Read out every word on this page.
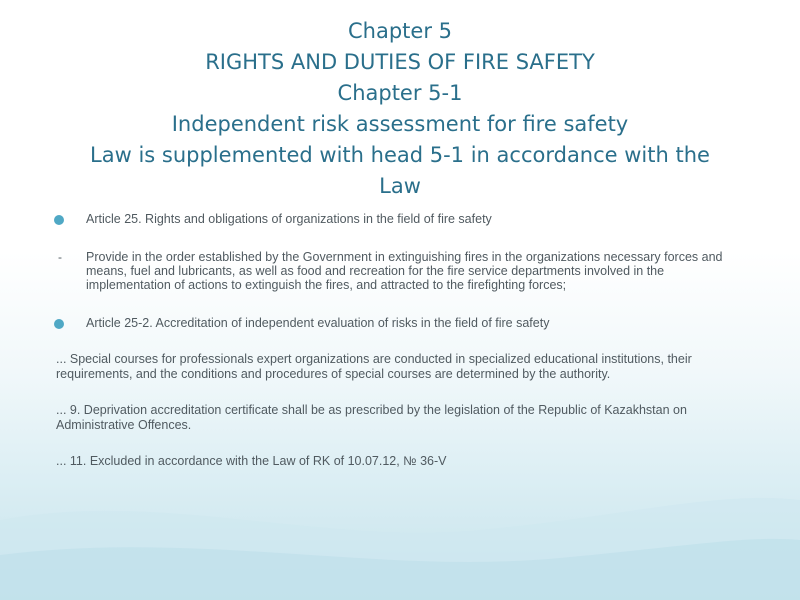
Chapter 5
RIGHTS AND DUTIES OF FIRE SAFETY
Chapter 5-1
Independent risk assessment for fire safety
Law is supplemented with head 5-1 in accordance with the
Law
Article 25. Rights and obligations of organizations in the field of fire safety
- Provide in the order established by the Government in extinguishing fires in the organizations necessary forces and means, fuel and lubricants, as well as food and recreation for the fire service departments involved in the implementation of actions to extinguish the fires, and attracted to the firefighting forces;
Article 25-2. Accreditation of independent evaluation of risks in the field of fire safety
... Special courses for professionals expert organizations are conducted in specialized educational institutions, their requirements, and the conditions and procedures of special courses are determined by the authority.
... 9. Deprivation accreditation certificate shall be as prescribed by the legislation of the Republic of Kazakhstan on Administrative Offences.
... 11. Excluded in accordance with the Law of RK of 10.07.12, № 36-V
